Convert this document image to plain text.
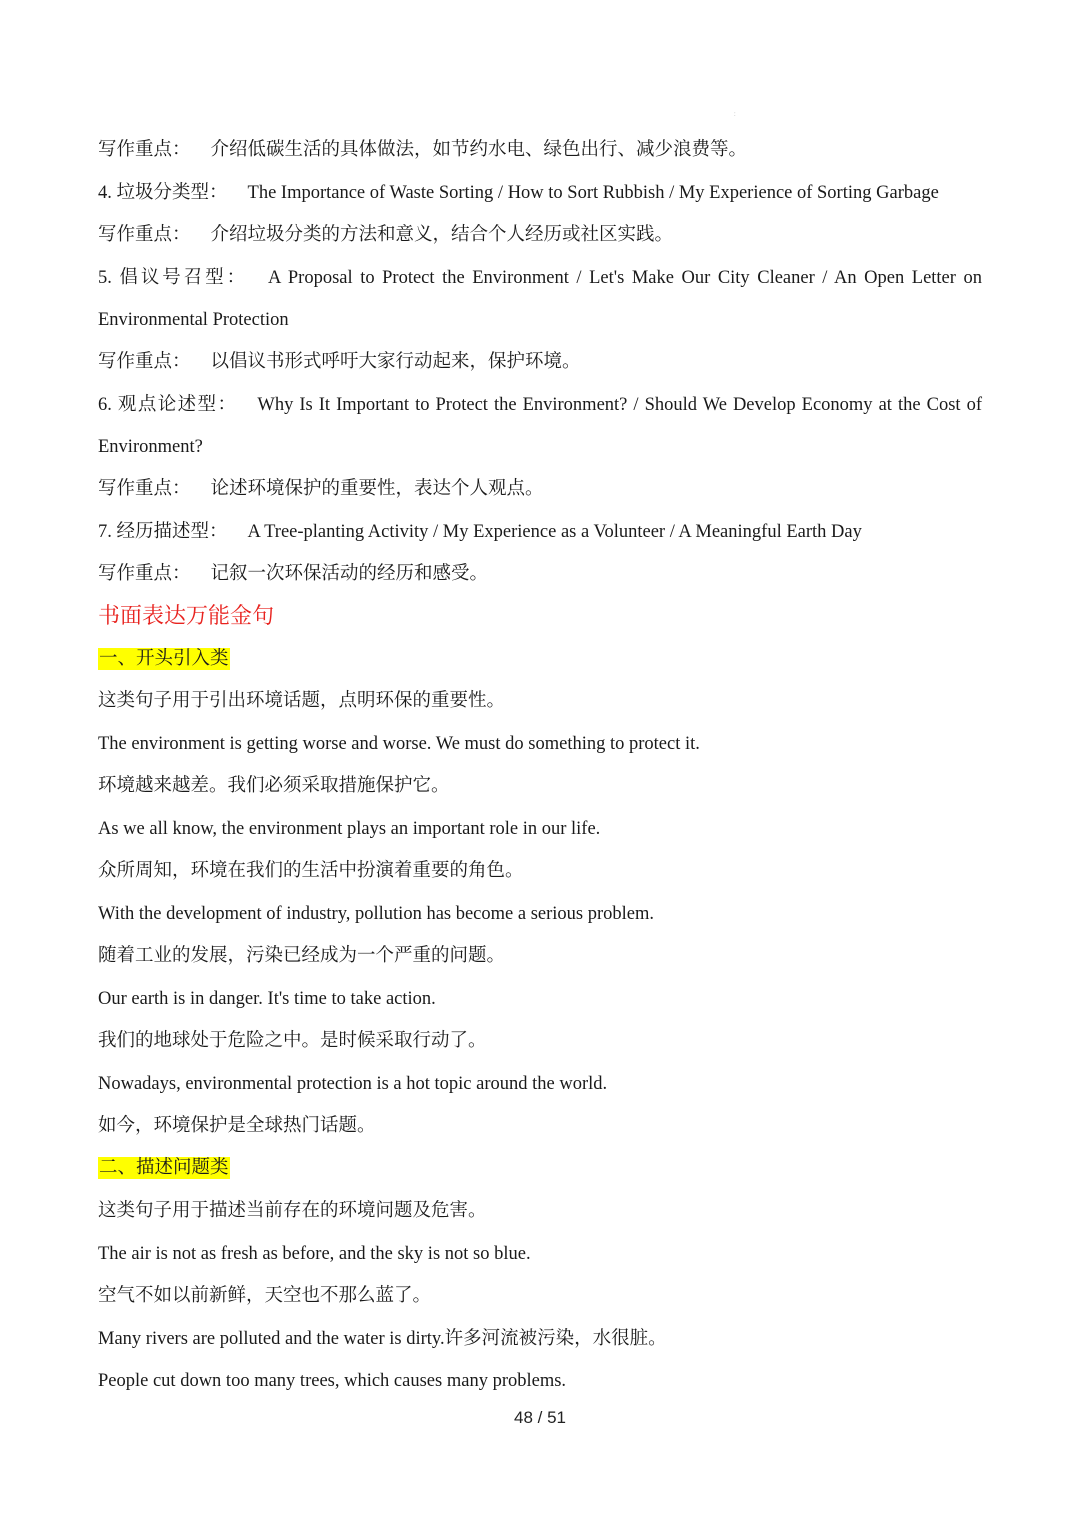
:
写作重点： 介绍低碳生活的具体做法，如节约水电、绿色出行、减少浪费等。
4. 垃圾分类型： The Importance of Waste Sorting / How to Sort Rubbish / My Experience of Sorting Garbage
写作重点： 介绍垃圾分类的方法和意义，结合个人经历或社区实践。
5. 倡议号召型： A Proposal to Protect the Environment / Let's Make Our City Cleaner / An Open Letter on
Environmental Protection
写作重点： 以倡议书形式呼吁大家行动起来，保护环境。
6. 观点论述型： Why Is It Important to Protect the Environment? / Should We Develop Economy at the Cost of
Environment?
写作重点： 论述环境保护的重要性，表达个人观点。
7. 经历描述型： A Tree-planting Activity / My Experience as a Volunteer / A Meaningful Earth Day
写作重点： 记叙一次环保活动的经历和感受。
书面表达万能金句
一、开头引入类
这类句子用于引出环境话题，点明环保的重要性。
The environment is getting worse and worse. We must do something to protect it.
环境越来越差。我们必须采取措施保护它。
As we all know, the environment plays an important role in our life.
众所周知，环境在我们的生活中扮演着重要的角色。
With the development of industry, pollution has become a serious problem.
随着工业的发展，污染已经成为一个严重的问题。
Our earth is in danger. It's time to take action.
我们的地球处于危险之中。是时候采取行动了。
Nowadays, environmental protection is a hot topic around the world.
如今，环境保护是全球热门话题。
二、描述问题类
这类句子用于描述当前存在的环境问题及危害。
The air is not as fresh as before, and the sky is not so blue.
空气不如以前新鲜，天空也不那么蓝了。
Many rivers are polluted and the water is dirty.许多河流被污染，水很脏。
People cut down too many trees, which causes many problems.
48 / 51
